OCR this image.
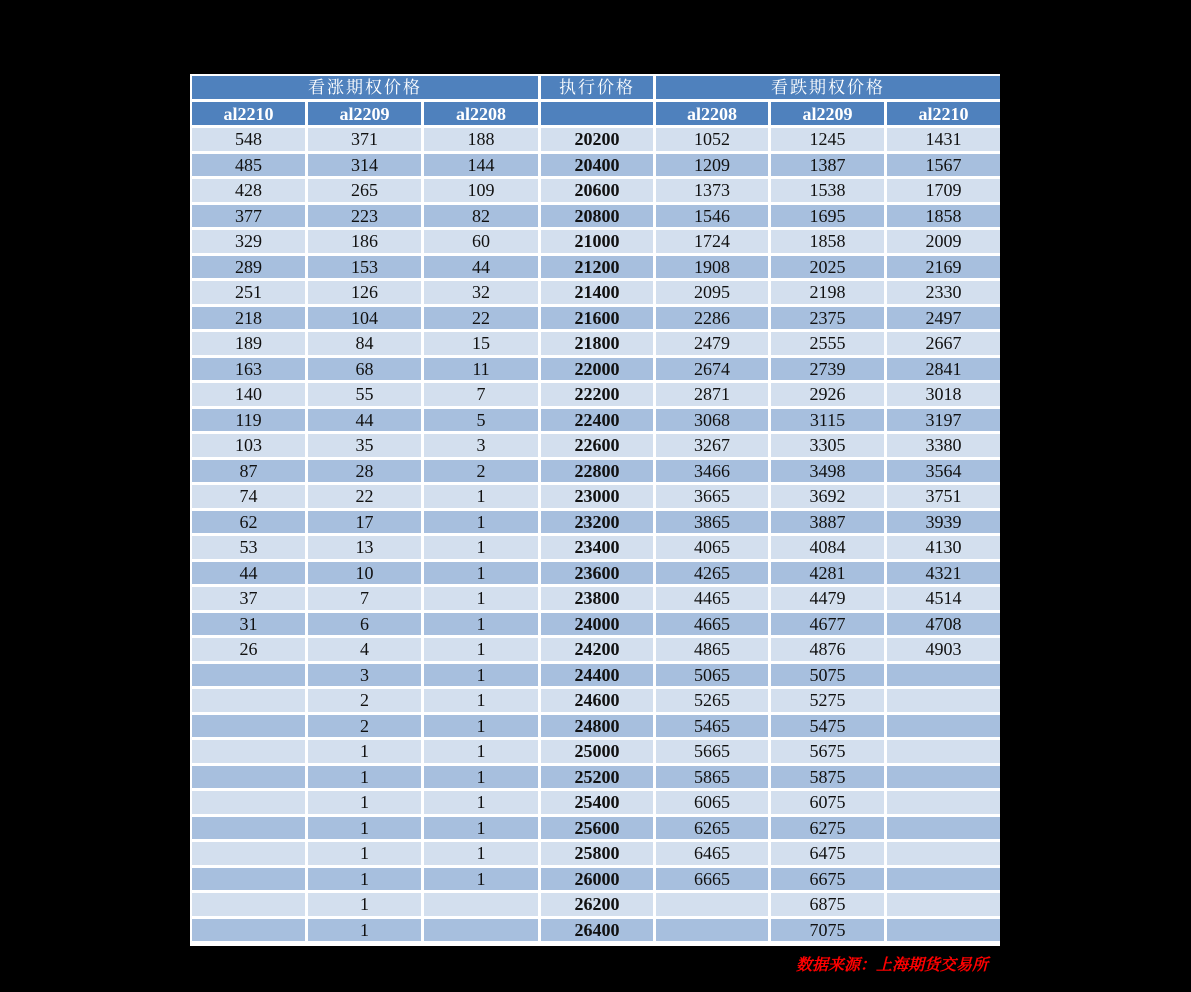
看涨期权价格			执行价格	看跌期权价格		
al2210	al2209	al2208		al2208	al2209	al2210
548	371	188	20200	1052	1245	1431
485	314	144	20400	1209	1387	1567
428	265	109	20600	1373	1538	1709
377	223	82	20800	1546	1695	1858
329	186	60	21000	1724	1858	2009
289	153	44	21200	1908	2025	2169
251	126	32	21400	2095	2198	2330
218	104	22	21600	2286	2375	2497
189	84	15	21800	2479	2555	2667
163	68	11	22000	2674	2739	2841
140	55	7	22200	2871	2926	3018
119	44	5	22400	3068	3115	3197
103	35	3	22600	3267	3305	3380
87	28	2	22800	3466	3498	3564
74	22	1	23000	3665	3692	3751
62	17	1	23200	3865	3887	3939
53	13	1	23400	4065	4084	4130
44	10	1	23600	4265	4281	4321
37	7	1	23800	4465	4479	4514
31	6	1	24000	4665	4677	4708
26	4	1	24200	4865	4876	4903
	3	1	24400	5065	5075	
	2	1	24600	5265	5275	
	2	1	24800	5465	5475	
	1	1	25000	5665	5675	
	1	1	25200	5865	5875	
	1	1	25400	6065	6075	
	1	1	25600	6265	6275	
	1	1	25800	6465	6475	
	1	1	26000	6665	6675	
	1		26200		6875	
	1		26400		7075	
数据来源：上海期货交易所
